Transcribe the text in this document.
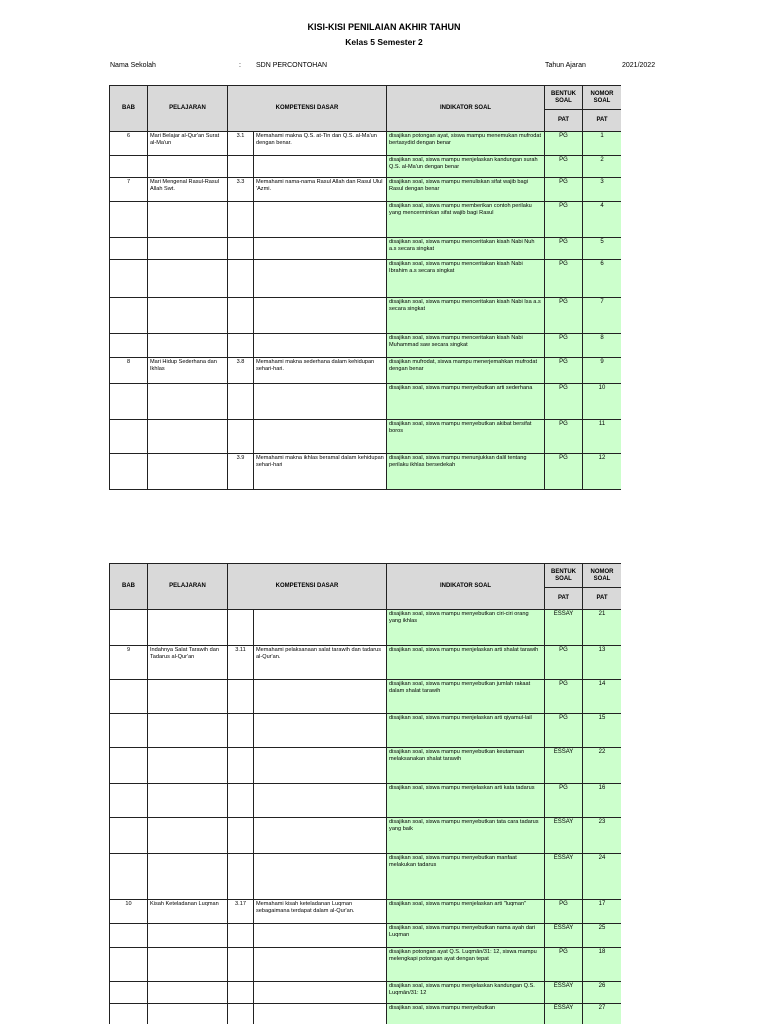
KISI-KISI PENILAIAN AKHIR TAHUN
Kelas 5 Semester 2
Nama Sekolah	: SDN PERCONTOHAN	Tahun Ajaran	2021/2022
BAB	PELAJARAN	KOMPETENSI DASAR		INDIKATOR SOAL	BENTUK SOAL	NOMOR SOAL
					PAT	PAT
6	Mari Belajar al-Qur'an Surat al-Ma'un	3.1	Memahami makna Q.S. at-Tin dan Q.S. al-Ma'un dengan benar.	disajikan potongan ayat, siswa mampu menemukan mufrodat bertasydid dengan benar	PG	1
				disajikan soal, siswa mampu menjelaskan kandungan surah Q.S. al-Ma'un dengan benar	PG	2
7	Mari Mengenal Rasul-Rasul Allah Swt.	3.3	Memahami nama-nama Rasul Allah dan Rasul Ulul 'Azmi.	disajikan soal, siswa mampu menuliskan sifat wajib bagi Rasul dengan benar	PG	3
				disajikan soal, siswa mampu memberikan contoh perilaku yang mencerminkan sifat wajib bagi Rasul	PG	4
				disajikan soal, siswa mampu menceritakan kisah Nabi Nuh a.s secara singkat	PG	5
				disajikan soal, siswa mampu menceritakan kisah Nabi Ibrahim a.s secara singkat	PG	6
				disajikan soal, siswa mampu menceritakan kisah Nabi Isa a.s secara singkat	PG	7
				disajikan soal, siswa mampu menceritakan kisah Nabi Muhammad saw secara singkat	PG	8
8	Mari Hidup Sederhana dan Ikhlas	3.8	Memahami makna sederhana dalam kehidupan sehari-hari.	disajikan mufrodat, siswa mampu menerjemahkan mufrodat dengan benar	PG	9
				disajikan soal, siswa mampu menyebutkan arti sederhana	PG	10
				disajikan soal, siswa mampu menyebutkan akibat bersifat boros	PG	11
		3.9	Memahami makna ikhlas beramal dalam kehidupan sehari-hari	disajikan soal, siswa mampu menunjukkan dalil tentang perilaku ikhlas bersedekah	PG	12
BAB	PELAJARAN	KOMPETENSI DASAR		INDIKATOR SOAL	BENTUK SOAL	NOMOR SOAL
					PAT	PAT
				disajikan soal, siswa mampu menyebutkan ciri-ciri orang yang ikhlas	ESSAY	21
9	Indahnya Salat Tarawih dan Tadarus al-Qur'an	3.11	Memahami pelaksanaan salat tarawih dan tadarus al-Qur'an.	disajikan soal, siswa mampu menjelaskan arti shalat tarawih	PG	13
				disajikan soal, siswa mampu menyebutkan jumlah rakaat dalam shalat tarawih	PG	14
				disajikan soal, siswa mampu menjelaskan arti qiyamul-lail	PG	15
				disajikan soal, siswa mampu menyebutkan keutamaan melaksanakan shalat tarawih	ESSAY	22
				disajikan soal, siswa mampu menjelaskan arti kata tadarus	PG	16
				disajikan soal, siswa mampu menyebutkan tata cara tadarus yang baik	ESSAY	23
				disajikan soal, siswa mampu menyebutkan manfaat melakukan tadarus	ESSAY	24
10	Kisah Keteladanan Luqman	3.17	Memahami kisah keteladanan Luqman sebagaimana terdapat dalam al-Qur'an.	disajikan soal, siswa mampu menjelaskan arti "luqman"	PG	17
				disajikan soal, siswa mampu menyebutkan nama ayah dari Luqman	ESSAY	25
				disajikan potongan ayat Q.S. Luqmān/31: 12, siswa mampu melengkapi potongan ayat dengan tepat	PG	18
				disajikan soal, siswa mampu menjelaskan kandungan Q.S. Luqmān/31: 12	ESSAY	26
				disajikan soal, siswa mampu menyebutkan	ESSAY	27
